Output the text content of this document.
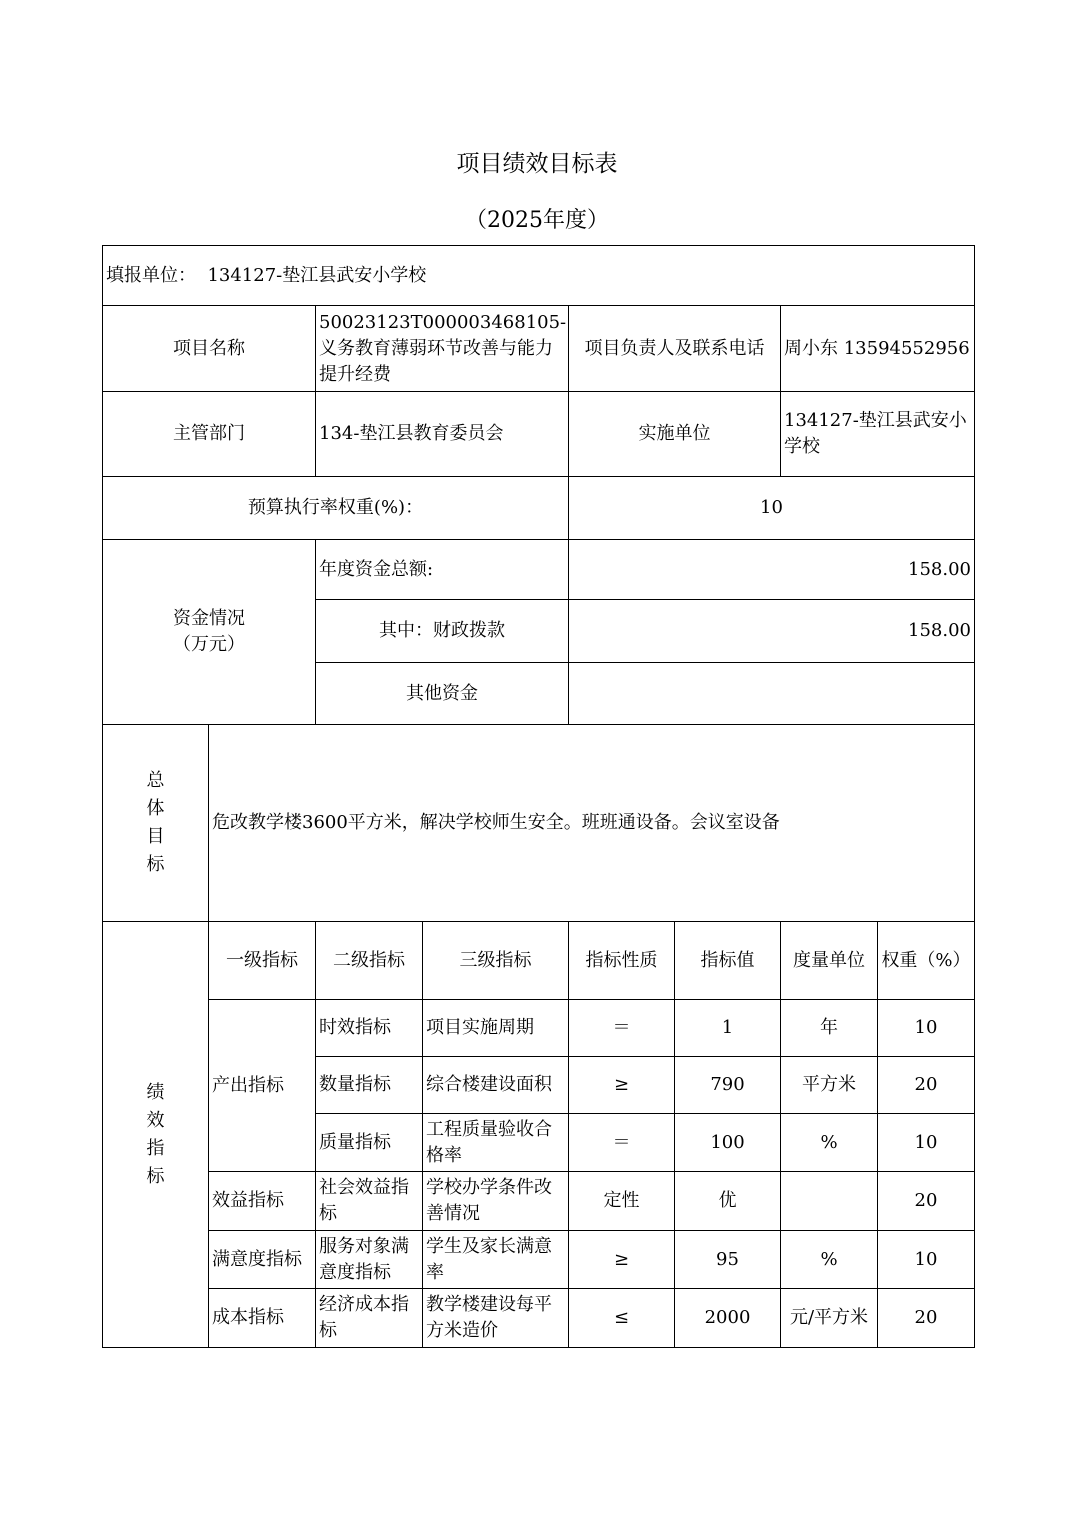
项目绩效目标表
（2025年度）
填报单位： 134127-垫江县武安小学校							
项目名称		50023123T000003468105-义务教育薄弱环节改善与能力提升经费		项目负责人及联系电话		周小东 13594552956	
主管部门		134-垫江县教育委员会		实施单位		134127-垫江县武安小学校	
预算执行率权重(%)：				10			

资金情况
（万元）		年度资金总额:		158.00			
		其中：财政拨款		158.00			
		其他资金					

总
体
目
标	危改教学楼3600平方米，解决学校师生安全。班班通设备。会议室设备						

绩
效
指
标	一级指标	二级指标	三级指标	指标性质	指标值	度量单位	权重（%）
	产出指标	时效指标	项目实施周期	＝	1	年	10
		数量指标	综合楼建设面积	≥	790	平方米	20
		质量指标	工程质量验收合格率	＝	100	%	10
	效益指标	社会效益指标	学校办学条件改善情况	定性	优		20
	满意度指标	服务对象满意度指标	学生及家长满意率	≥	95	%	10
	成本指标	经济成本指标	教学楼建设每平方米造价	≤	2000	元/平方米	20
